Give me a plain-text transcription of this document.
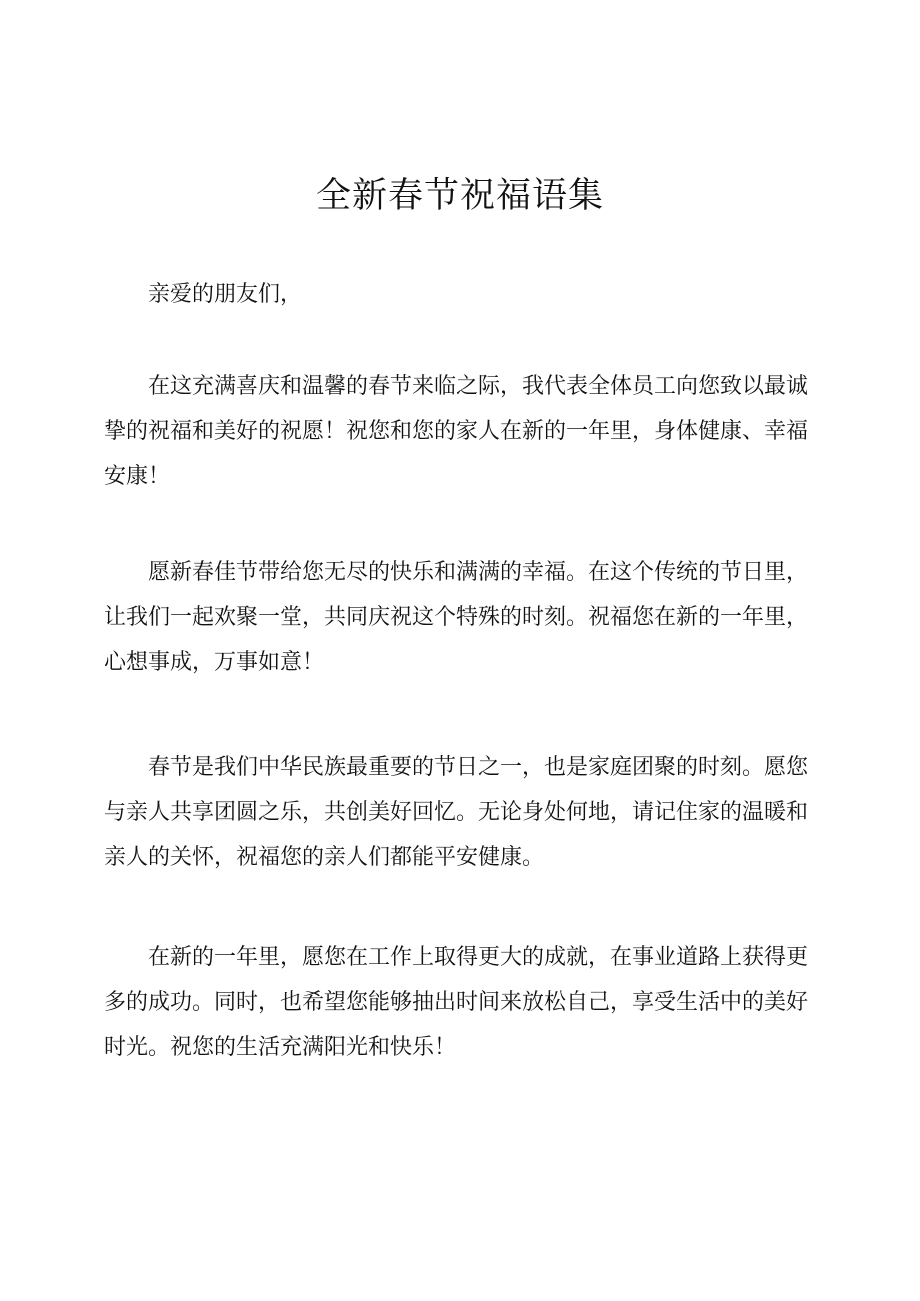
全新春节祝福语集

亲爱的朋友们，

在这充满喜庆和温馨的春节来临之际，我代表全体员工向您致以最诚挚的祝福和美好的祝愿！祝您和您的家人在新的一年里，身体健康、幸福安康！

愿新春佳节带给您无尽的快乐和满满的幸福。在这个传统的节日里，让我们一起欢聚一堂，共同庆祝这个特殊的时刻。祝福您在新的一年里，心想事成，万事如意！

春节是我们中华民族最重要的节日之一，也是家庭团聚的时刻。愿您与亲人共享团圆之乐，共创美好回忆。无论身处何地，请记住家的温暖和亲人的关怀，祝福您的亲人们都能平安健康。

在新的一年里，愿您在工作上取得更大的成就，在事业道路上获得更多的成功。同时，也希望您能够抽出时间来放松自己，享受生活中的美好时光。祝您的生活充满阳光和快乐！
